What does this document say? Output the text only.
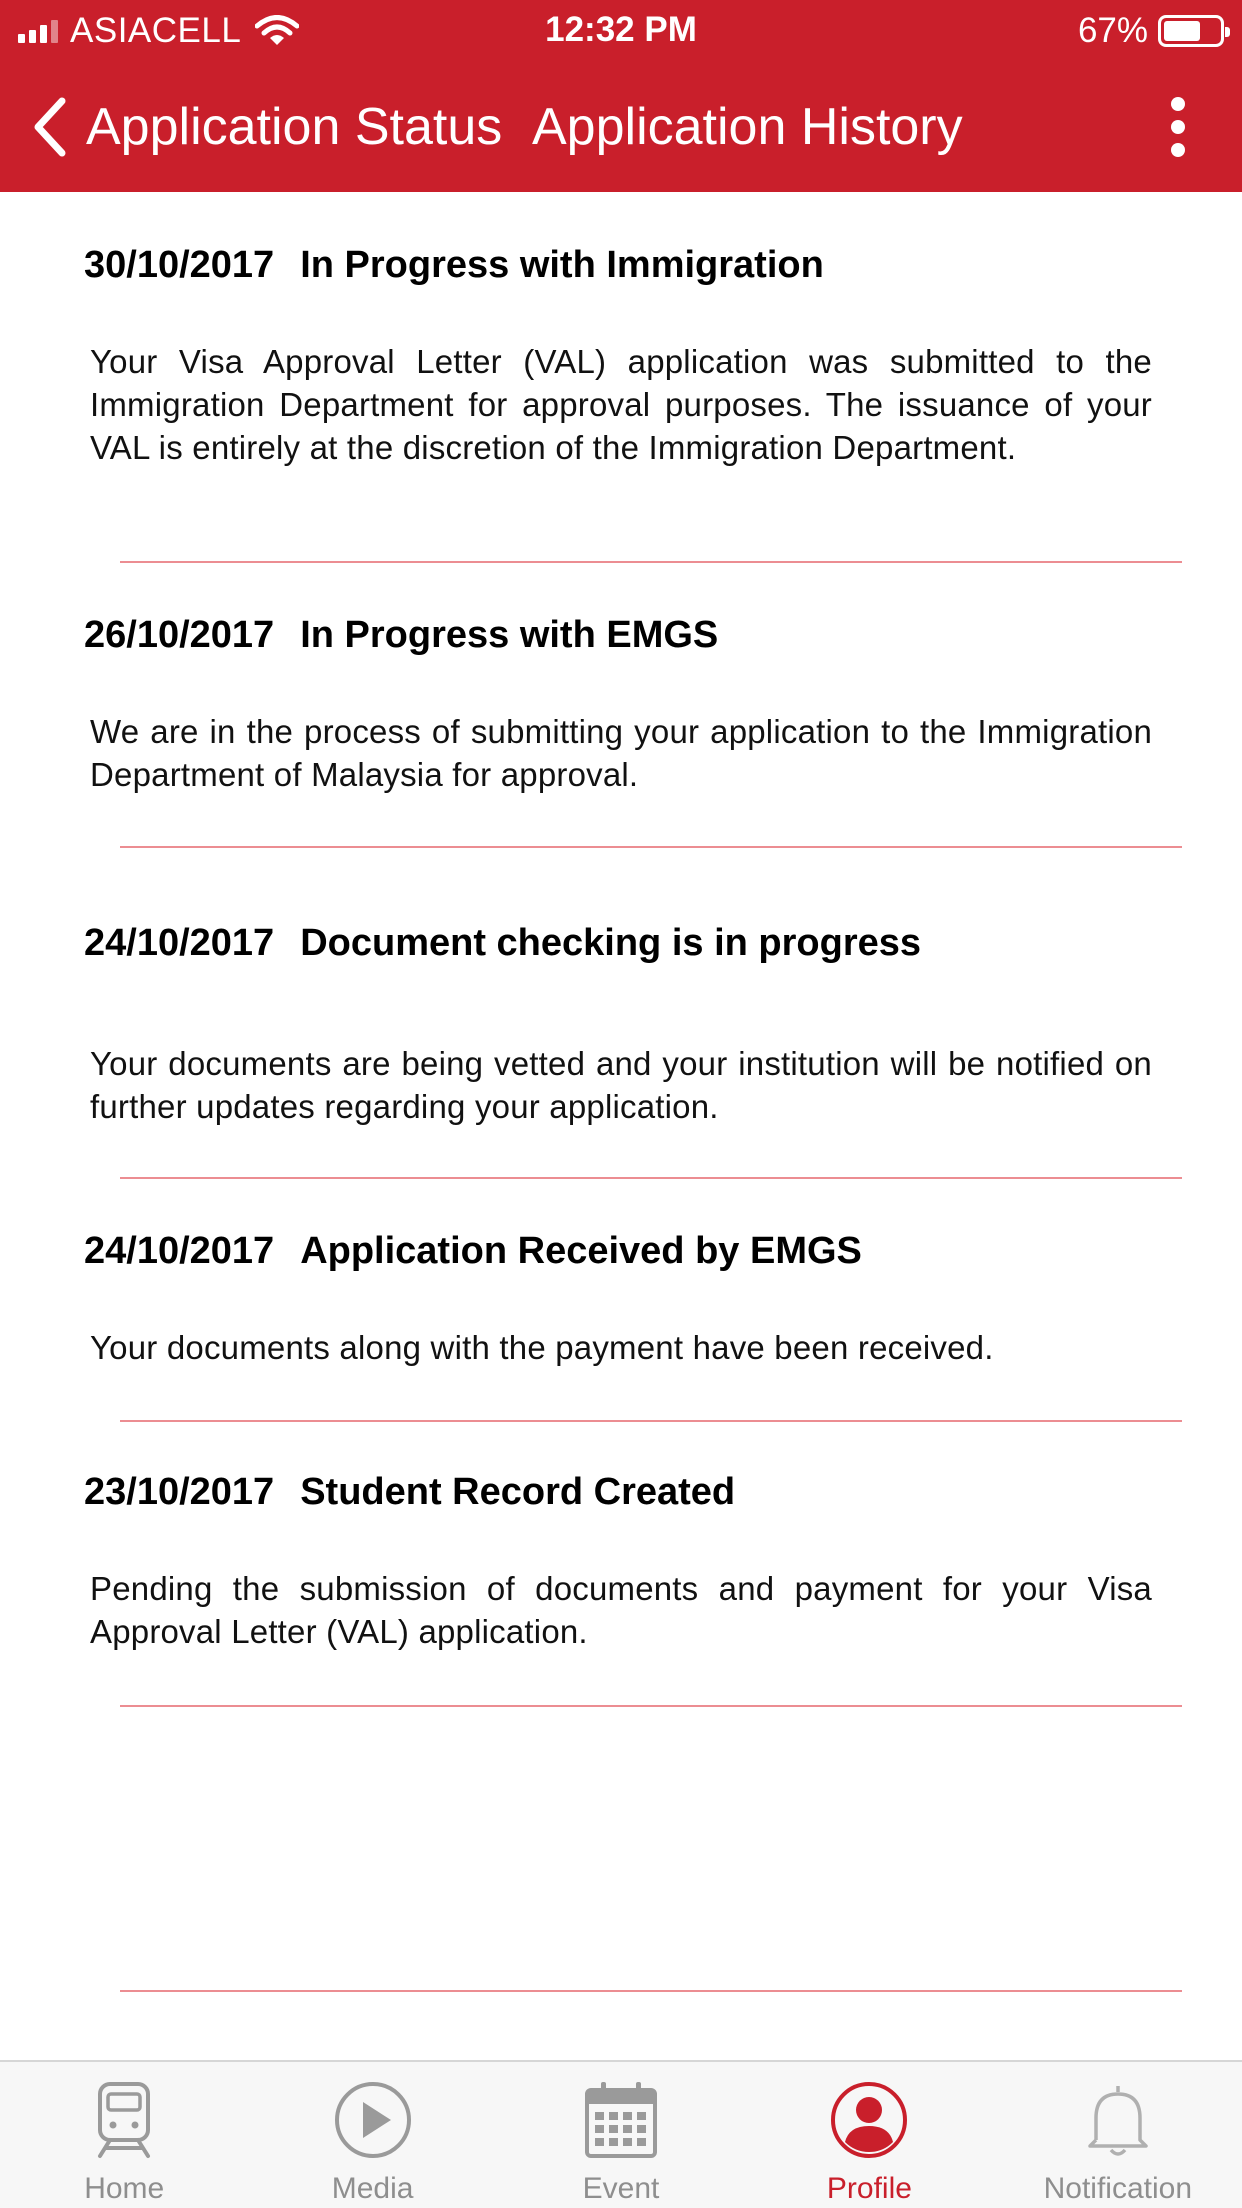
ASIACELL	12:32 PM	67%
Application Status Application History
30/10/2017 In Progress with Immigration
Your Visa Approval Letter (VAL) application was submitted to the Immigration Department for approval purposes. The issuance of your VAL is entirely at the discretion of the Immigration Department.
26/10/2017 In Progress with EMGS
We are in the process of submitting your application to the Immigration Department of Malaysia for approval.
24/10/2017 Document checking is in progress
Your documents are being vetted and your institution will be notified on further updates regarding your application.
24/10/2017 Application Received by EMGS
Your documents along with the payment have been received.
23/10/2017 Student Record Created
Pending the submission of documents and payment for your Visa Approval Letter (VAL) application.
Home	Media	Event	Profile	Notification
